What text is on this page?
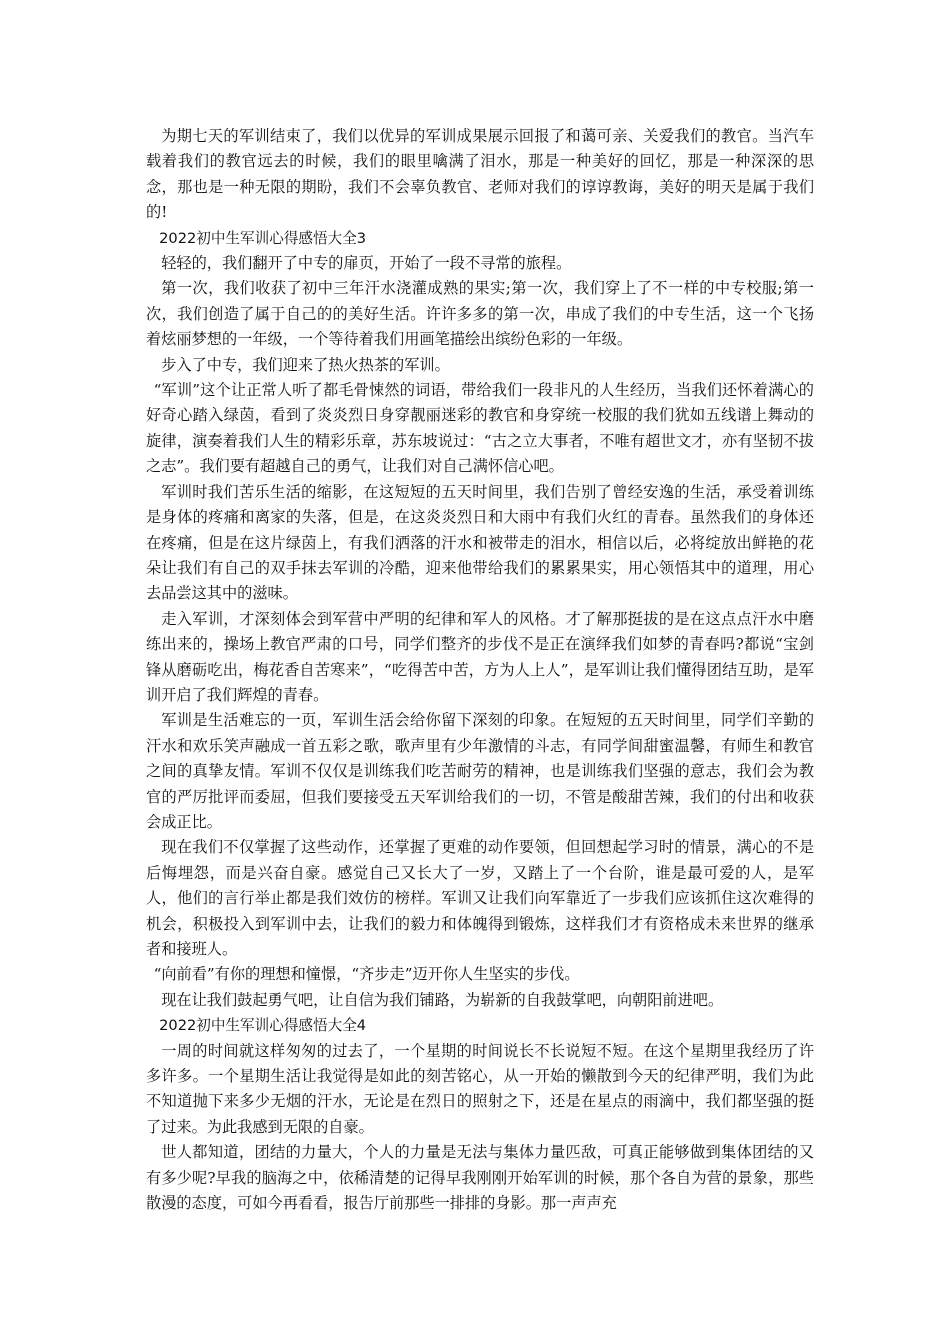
为期七天的军训结束了，我们以优异的军训成果展示回报了和蔼可亲、关爱我们的教官。当汽车载着我们的教官远去的时候，我们的眼里噙满了泪水，那是一种美好的回忆，那是一种深深的思念，那也是一种无限的期盼，我们不会辜负教官、老师对我们的谆谆教诲，美好的明天是属于我们的!

2022初中生军训心得感悟大全3

轻轻的，我们翻开了中专的扉页，开始了一段不寻常的旅程。

第一次，我们收获了初中三年汗水浇灌成熟的果实;第一次，我们穿上了不一样的中专校服;第一次，我们创造了属于自己的的美好生活。许许多多的第一次，串成了我们的中专生活，这一个飞扬着炫丽梦想的一年级，一个等待着我们用画笔描绘出缤纷色彩的一年级。

步入了中专，我们迎来了热火热茶的军训。

“军训”这个让正常人听了都毛骨悚然的词语，带给我们一段非凡的人生经历，当我们还怀着满心的好奇心踏入绿茵，看到了炎炎烈日身穿靓丽迷彩的教官和身穿统一校服的我们犹如五线谱上舞动的旋律，演奏着我们人生的精彩乐章，苏东坡说过：“古之立大事者，不唯有超世文才，亦有坚韧不拔之志”。我们要有超越自己的勇气，让我们对自己满怀信心吧。

军训时我们苦乐生活的缩影，在这短短的五天时间里，我们告别了曾经安逸的生活，承受着训练是身体的疼痛和离家的失落，但是，在这炎炎烈日和大雨中有我们火红的青春。虽然我们的身体还在疼痛，但是在这片绿茵上，有我们洒落的汗水和被带走的泪水，相信以后，必将绽放出鲜艳的花朵让我们有自己的双手抹去军训的冷酷，迎来他带给我们的累累果实，用心领悟其中的道理，用心去品尝这其中的滋味。

走入军训，才深刻体会到军营中严明的纪律和军人的风格。才了解那挺拔的是在这点点汗水中磨练出来的，操场上教官严肃的口号，同学们整齐的步伐不是正在演绎我们如梦的青春吗?都说“宝剑锋从磨砺吃出，梅花香自苦寒来”，“吃得苦中苦，方为人上人”，是军训让我们懂得团结互助，是军训开启了我们辉煌的青春。

军训是生活难忘的一页，军训生活会给你留下深刻的印象。在短短的五天时间里，同学们辛勤的汗水和欢乐笑声融成一首五彩之歌，歌声里有少年激情的斗志，有同学间甜蜜温馨，有师生和教官之间的真挚友情。军训不仅仅是训练我们吃苦耐劳的精神，也是训练我们坚强的意志，我们会为教官的严厉批评而委屈，但我们要接受五天军训给我们的一切，不管是酸甜苦辣，我们的付出和收获会成正比。

现在我们不仅掌握了这些动作，还掌握了更难的动作要领，但回想起学习时的情景，满心的不是后悔埋怨，而是兴奋自豪。感觉自己又长大了一岁，又踏上了一个台阶，谁是最可爱的人，是军人，他们的言行举止都是我们效仿的榜样。军训又让我们向军靠近了一步我们应该抓住这次难得的机会，积极投入到军训中去，让我们的毅力和体魄得到锻炼，这样我们才有资格成未来世界的继承者和接班人。

“向前看”有你的理想和憧憬，“齐步走”迈开你人生坚实的步伐。

现在让我们鼓起勇气吧，让自信为我们铺路，为崭新的自我鼓掌吧，向朝阳前进吧。

2022初中生军训心得感悟大全4

一周的时间就这样匆匆的过去了，一个星期的时间说长不长说短不短。在这个星期里我经历了许多许多。一个星期生活让我觉得是如此的刻苦铭心，从一开始的懒散到今天的纪律严明，我们为此不知道抛下来多少无烟的汗水，无论是在烈日的照射之下，还是在星点的雨滴中，我们都坚强的挺了过来。为此我感到无限的自豪。

世人都知道，团结的力量大，个人的力量是无法与集体力量匹敌，可真正能够做到集体团结的又有多少呢?早我的脑海之中，依稀清楚的记得早我刚刚开始军训的时候，那个各自为营的景象，那些散漫的态度，可如今再看看，报告厅前那些一排排的身影。那一声声充
